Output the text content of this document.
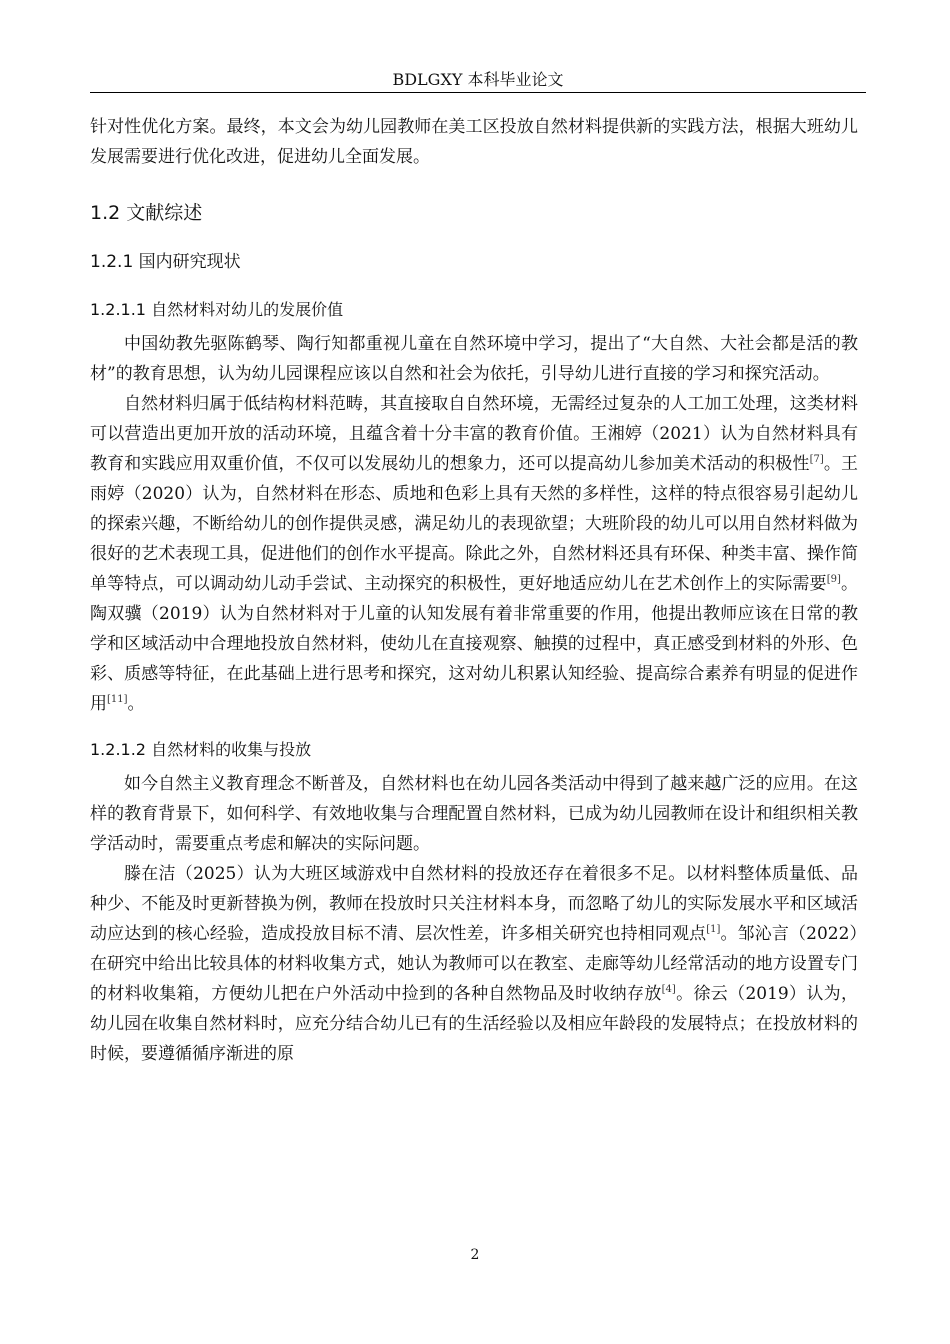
BDLGXY 本科毕业论文

针对性优化方案。最终，本文会为幼儿园教师在美工区投放自然材料提供新的实践方法，根据大班幼儿发展需要进行优化改进，促进幼儿全面发展。

1.2 文献综述

1.2.1 国内研究现状

1.2.1.1 自然材料对幼儿的发展价值

中国幼教先驱陈鹤琴、陶行知都重视儿童在自然环境中学习，提出了“大自然、大社会都是活的教材”的教育思想，认为幼儿园课程应该以自然和社会为依托，引导幼儿进行直接的学习和探究活动。

自然材料归属于低结构材料范畴，其直接取自自然环境，无需经过复杂的人工加工处理，这类材料可以营造出更加开放的活动环境，且蕴含着十分丰富的教育价值。王湘婷（2021）认为自然材料具有教育和实践应用双重价值，不仅可以发展幼儿的想象力，还可以提高幼儿参加美术活动的积极性[7]。王雨婷（2020）认为，自然材料在形态、质地和色彩上具有天然的多样性，这样的特点很容易引起幼儿的探索兴趣，不断给幼儿的创作提供灵感，满足幼儿的表现欲望；大班阶段的幼儿可以用自然材料做为很好的艺术表现工具，促进他们的创作水平提高。除此之外，自然材料还具有环保、种类丰富、操作简单等特点，可以调动幼儿动手尝试、主动探究的积极性，更好地适应幼儿在艺术创作上的实际需要[9]。陶双骥（2019）认为自然材料对于儿童的认知发展有着非常重要的作用，他提出教师应该在日常的教学和区域活动中合理地投放自然材料，使幼儿在直接观察、触摸的过程中，真正感受到材料的外形、色彩、质感等特征，在此基础上进行思考和探究，这对幼儿积累认知经验、提高综合素养有明显的促进作用[11]。

1.2.1.2 自然材料的收集与投放

如今自然主义教育理念不断普及，自然材料也在幼儿园各类活动中得到了越来越广泛的应用。在这样的教育背景下，如何科学、有效地收集与合理配置自然材料，已成为幼儿园教师在设计和组织相关教学活动时，需要重点考虑和解决的实际问题。

滕在洁（2025）认为大班区域游戏中自然材料的投放还存在着很多不足。以材料整体质量低、品种少、不能及时更新替换为例，教师在投放时只关注材料本身，而忽略了幼儿的实际发展水平和区域活动应达到的核心经验，造成投放目标不清、层次性差，许多相关研究也持相同观点[1]。邹沁言（2022）在研究中给出比较具体的材料收集方式，她认为教师可以在教室、走廊等幼儿经常活动的地方设置专门的材料收集箱，方便幼儿把在户外活动中捡到的各种自然物品及时收纳存放[4]。徐云（2019）认为，幼儿园在收集自然材料时，应充分结合幼儿已有的生活经验以及相应年龄段的发展特点；在投放材料的时候，要遵循循序渐进的原

2
